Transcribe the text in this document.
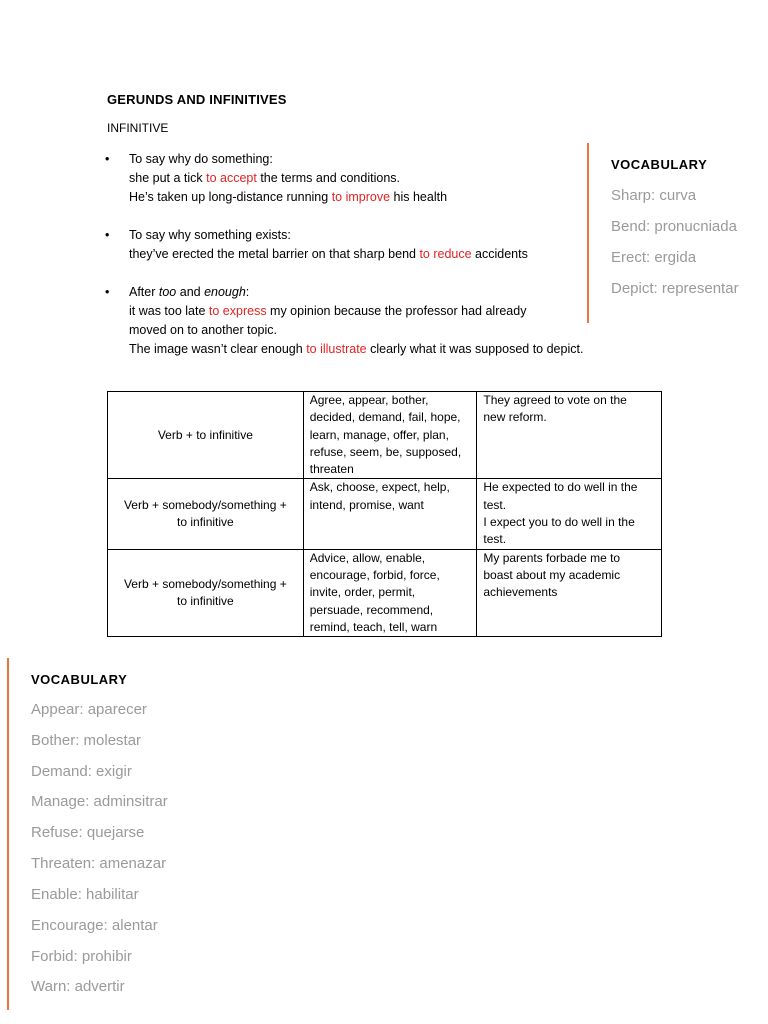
GERUNDS AND INFINITIVES
INFINITIVE
•	To say why do something:
she put a tick to accept the terms and conditions.
He’s taken up long-distance running to improve his health
•	To say why something exists:
they’ve erected the metal barrier on that sharp bend to reduce accidents
•	After too and enough:
it was too late to express my opinion because the professor had already
moved on to another topic.
The image wasn’t clear enough to illustrate clearly what it was supposed to depict.
VOCABULARY
Sharp: curva
Bend: pronucniada
Erect: ergida
Depict: representar
Verb + to infinitive	Agree, appear, bother,
decided, demand, fail, hope,
learn, manage, offer, plan,
refuse, seem, be, supposed,
threaten	They agreed to vote on the
new reform.

Verb + somebody/something +
to infinitive	Ask, choose, expect, help,
intend, promise, want	He expected to do well in the
test.
I expect you to do well in the
test.

Verb + somebody/something +
to infinitive	Advice, allow, enable,
encourage, forbid, force,
invite, order, permit,
persuade, recommend,
remind, teach, tell, warn	My parents forbade me to
boast about my academic
achievements
VOCABULARY
Appear: aparecer
Bother: molestar
Demand: exigir
Manage: adminsitrar
Refuse: quejarse
Threaten: amenazar
Enable: habilitar
Encourage: alentar
Forbid: prohibir
Warn: advertir
